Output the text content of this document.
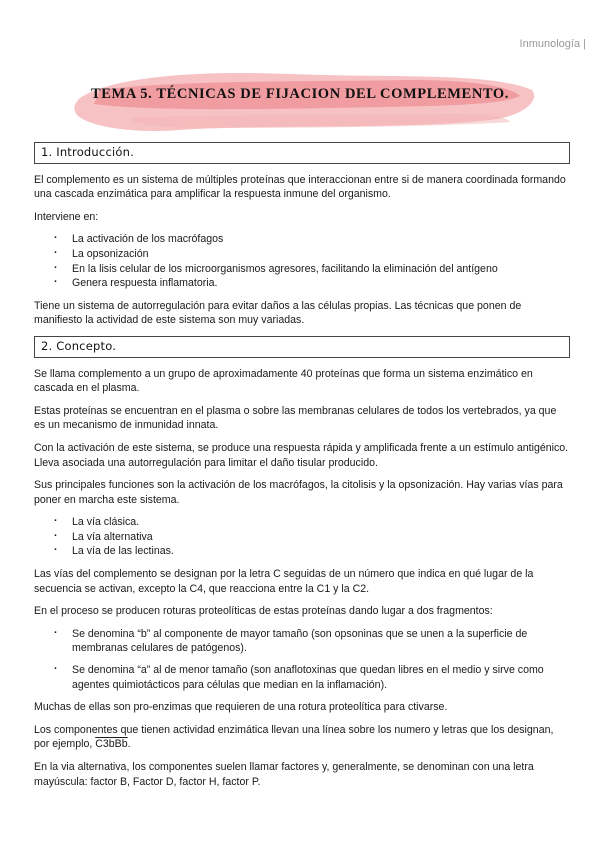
Inmunología |
TEMA 5. TÉCNICAS DE FIJACION DEL COMPLEMENTO.
1. Introducción.

El complemento es un sistema de múltiples proteínas que interaccionan entre si de manera coordinada formando una cascada enzimática para amplificar la respuesta inmune del organismo.

Interviene en:

· La activación de los macrófagos
· La opsonización
· En la lisis celular de los microorganismos agresores, facilitando la eliminación del antígeno
· Genera respuesta inflamatoria.

Tiene un sistema de autorregulación para evitar daños a las células propias. Las técnicas que ponen de manifiesto la actividad de este sistema son muy variadas.

2. Concepto.

Se llama complemento a un grupo de aproximadamente 40 proteínas que forma un sistema enzimático en cascada en el plasma.

Estas proteínas se encuentran en el plasma o sobre las membranas celulares de todos los vertebrados, ya que es un mecanismo de inmunidad innata.

Con la activación de este sistema, se produce una respuesta rápida y amplificada frente a un estímulo antigénico. Lleva asociada una autorregulación para limitar el daño tisular producido.

Sus principales funciones son la activación de los macrófagos, la citolisis y la opsonización. Hay varias vías para poner en marcha este sistema.

· La vía clásica.
· La vía alternativa
· La vía de las lectinas.

Las vías del complemento se designan por la letra C seguidas de un número que indica en qué lugar de la secuencia se activan, excepto la C4, que reacciona entre la C1 y la C2.

En el proceso se producen roturas proteolíticas de estas proteínas dando lugar a dos fragmentos:

· Se denomina “b” al componente de mayor tamaño (son opsoninas que se unen a la superficie de membranas celulares de patógenos).
· Se denomina “a” al de menor tamaño (son anaflotoxinas que quedan libres en el medio y sirve como agentes quimiotácticos para células que median en la inflamación).

Muchas de ellas son pro-enzimas que requieren de una rotura proteolítica para ctivarse.

Los componentes que tienen actividad enzimática llevan una línea sobre los numero y letras que los designan, por ejemplo, C3bBb.

En la via alternativa, los componentes suelen llamar factores y, generalmente, se denominan con una letra mayúscula: factor B, Factor D, factor H, factor P.
